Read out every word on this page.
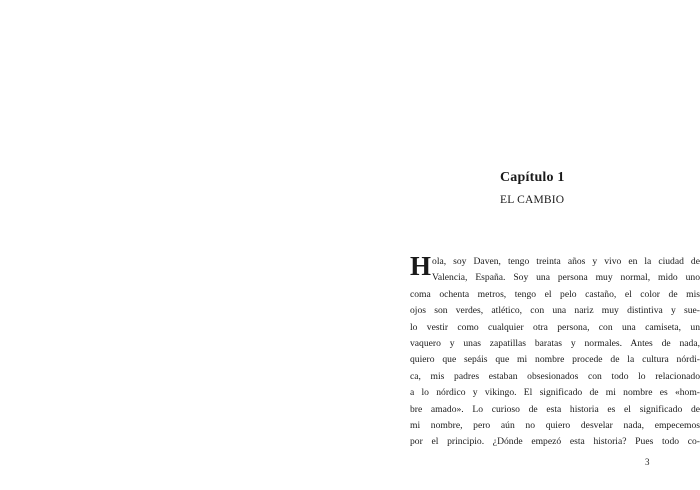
Capítulo 1

EL CAMBIO

H ola, soy Daven, tengo treinta años y vivo en la ciudad de
Valencia, España. Soy una persona muy normal, mido uno
coma ochenta metros, tengo el pelo castaño, el color de mis
ojos son verdes, atlético, con una nariz muy distintiva y sue-
lo vestir como cualquier otra persona, con una camiseta, un
vaquero y unas zapatillas baratas y normales. Antes de nada,
quiero que sepáis que mi nombre procede de la cultura nórdi-
ca, mis padres estaban obsesionados con todo lo relacionado
a lo nórdico y vikingo. El significado de mi nombre es «hom-
bre amado». Lo curioso de esta historia es el significado de
mi nombre, pero aún no quiero desvelar nada, empecemos
por el principio. ¿Dónde empezó esta historia? Pues todo co-
3
